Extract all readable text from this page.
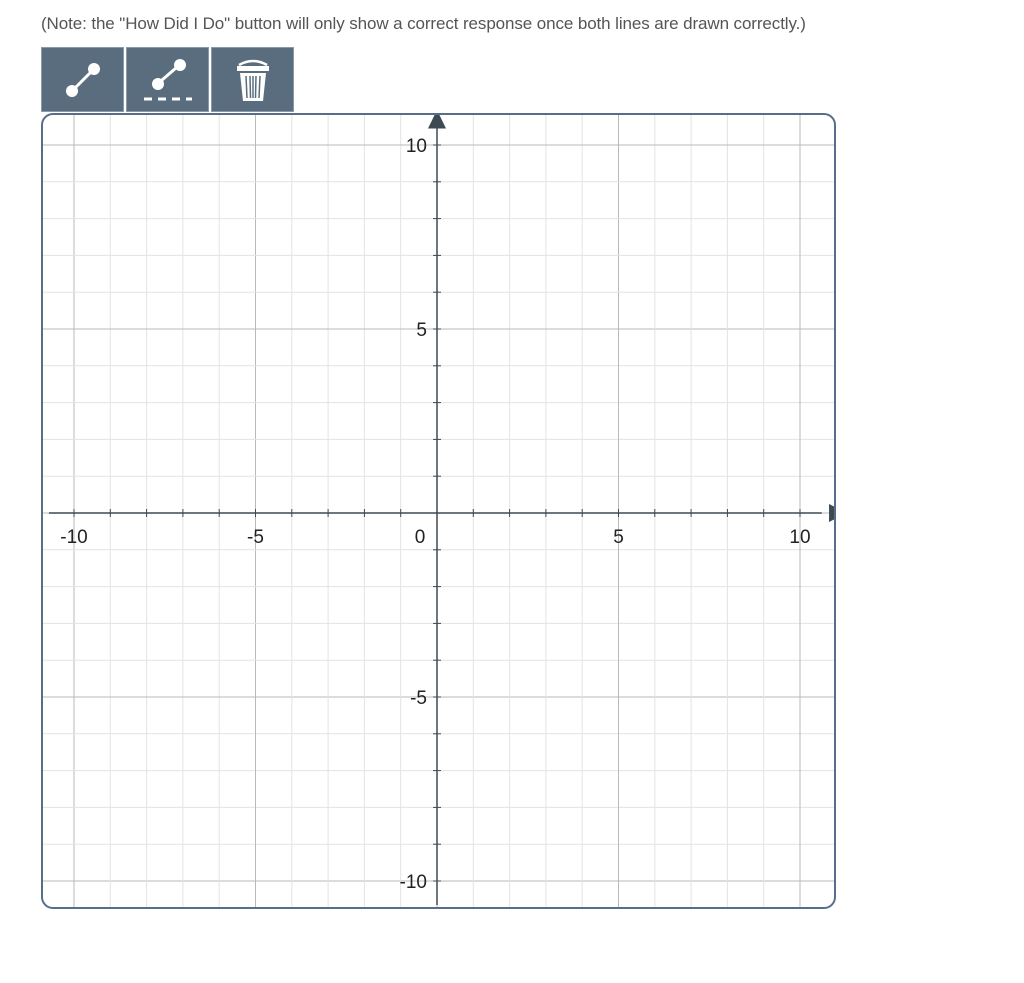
(Note: the "How Did I Do" button will only show a correct response once both lines are drawn correctly.)
-10	-5	0	5	10
10
5
-5
-10
